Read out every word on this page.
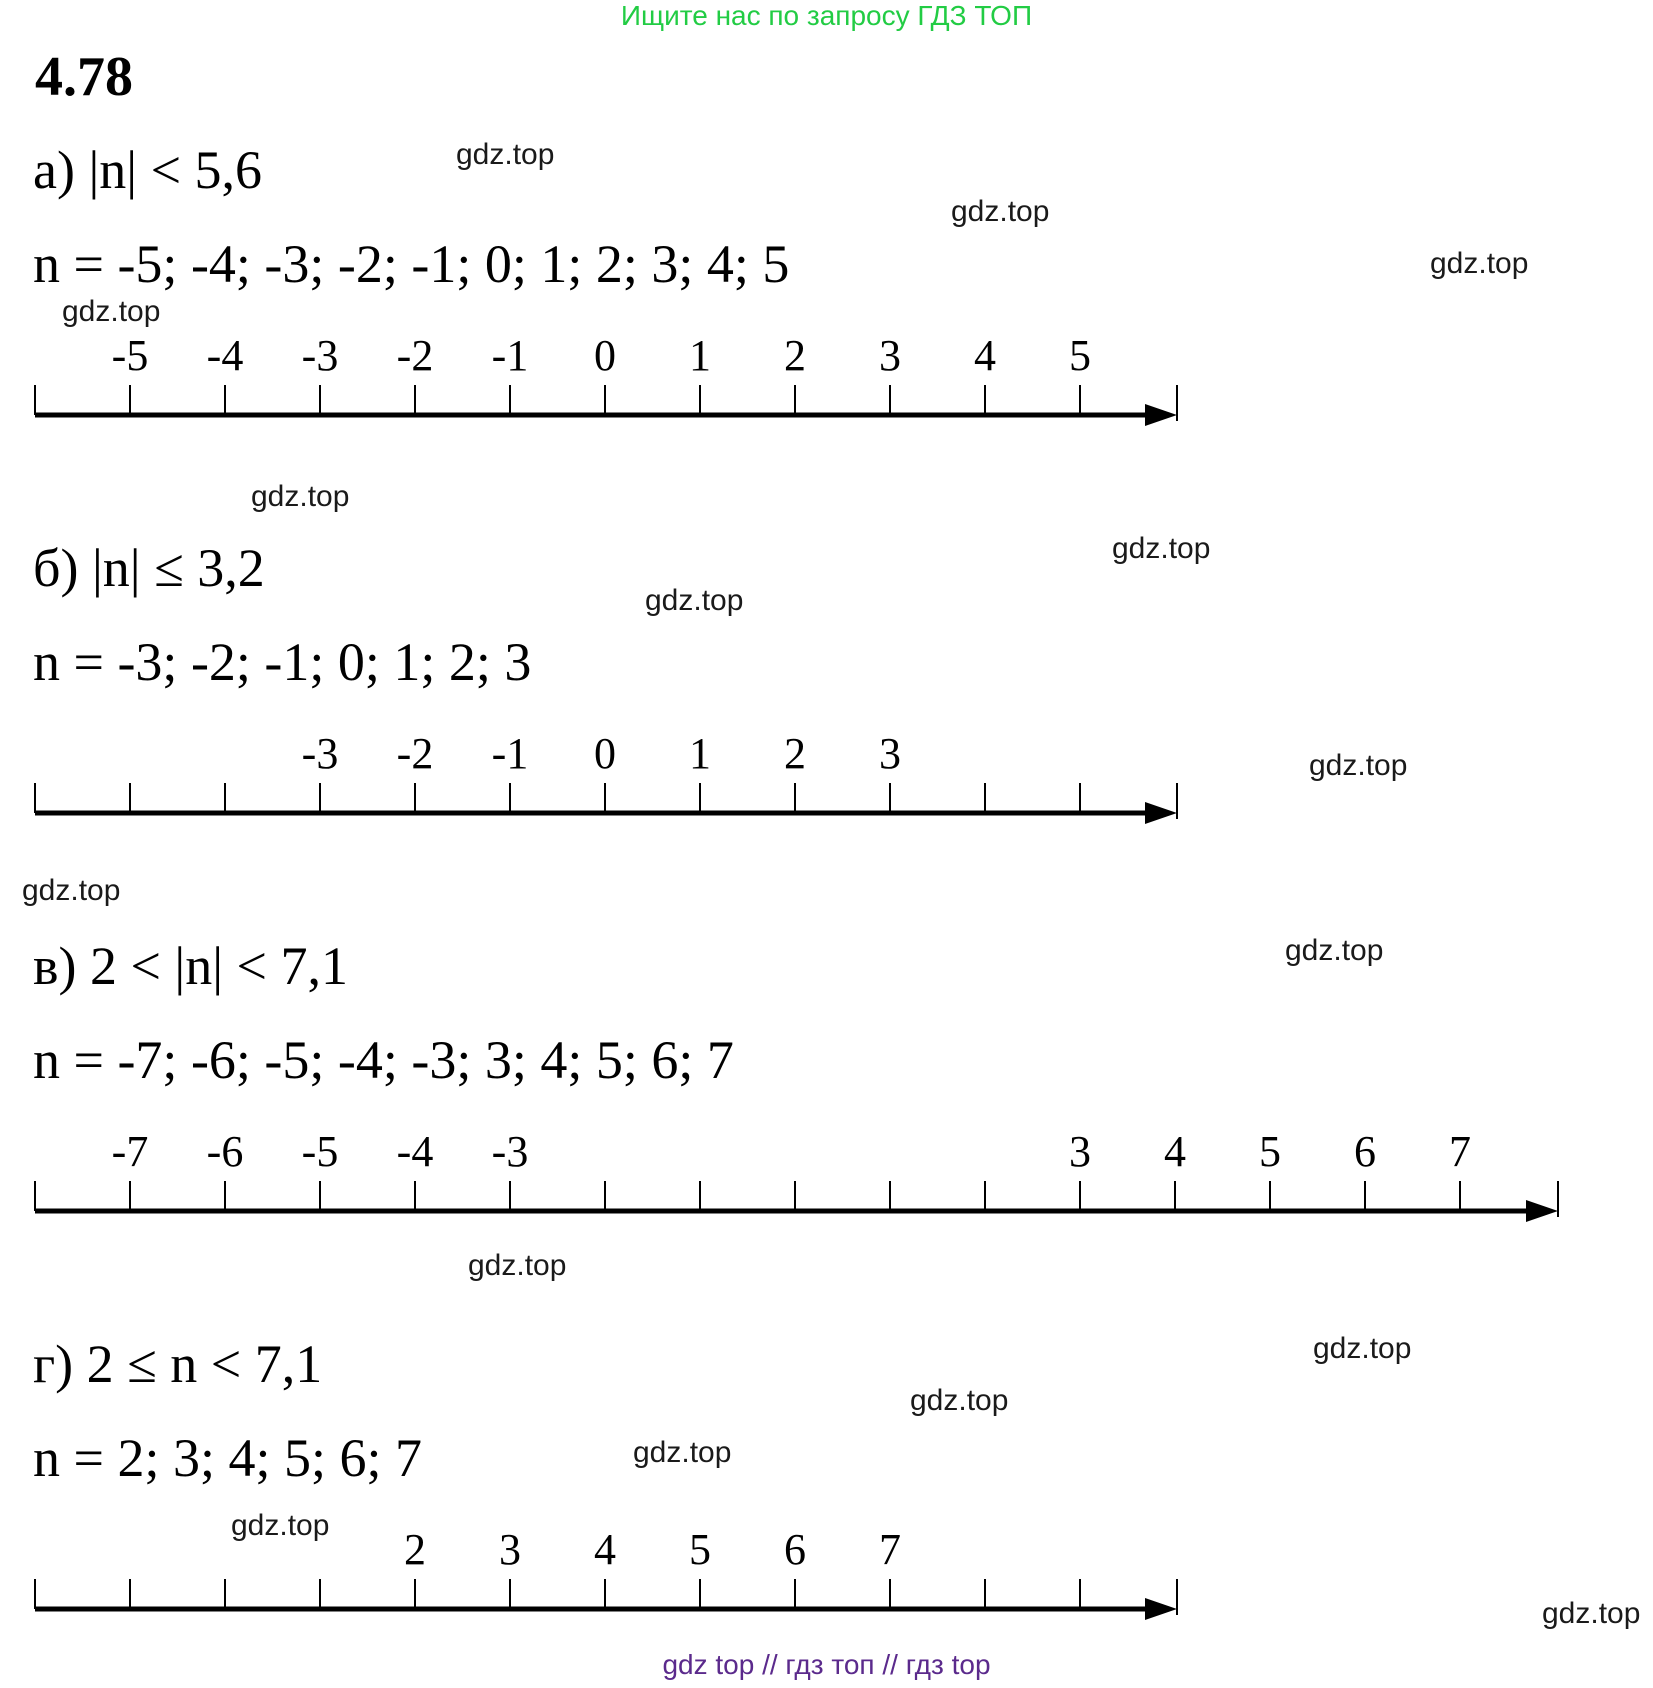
Ищите нас по запросу ГДЗ ТОП
4.78
а) |n| < 5,6
n = -5; -4; -3; -2; -1; 0; 1; 2; 3; 4; 5
-5 -4 -3 -2 -1 0 1 2 3 4 5
б) |n| ≤ 3,2
n = -3; -2; -1; 0; 1; 2; 3
-3 -2 -1 0 1 2 3
в) 2 < |n| < 7,1
n = -7; -6; -5; -4; -3; 3; 4; 5; 6; 7
-7 -6 -5 -4 -3	3 4 5 6 7
г) 2 ≤ n < 7,1
n = 2; 3; 4; 5; 6; 7
2 3 4 5 6 7
gdz.top
gdz.top
gdz.top
gdz.top
gdz.top
gdz.top
gdz.top
gdz.top
gdz.top
gdz.top
gdz.top
gdz.top
gdz.top
gdz.top
gdz.top
gdz.top
gdz top // гдз топ // гдз top
